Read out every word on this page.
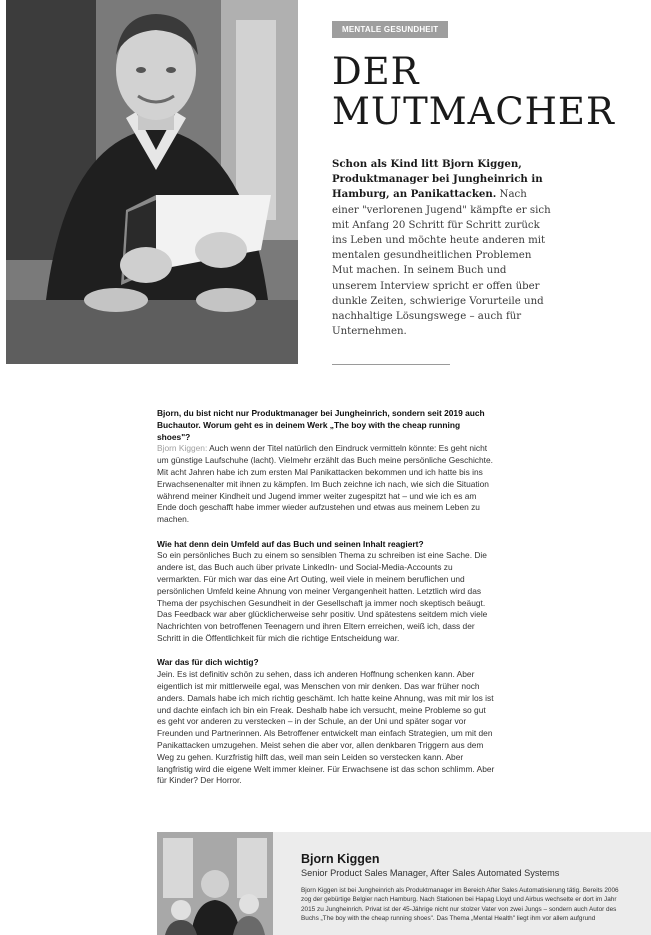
MENTALE GESUNDHEIT
DER
MUTMACHER

Schon als Kind litt Bjorn Kiggen, Produktmanager bei Jungheinrich in Hamburg, an Panikattacken. Nach einer "verlorenen Jugend" kämpfte er sich mit Anfang 20 Schritt für Schritt zurück ins Leben und möchte heute anderen mit mentalen gesundheitlichen Problemen Mut machen. In seinem Buch und unserem Interview spricht er offen über dunkle Zeiten, schwierige Vorurteile und nachhaltige Lösungswege – auch für Unternehmen.

Bjorn, du bist nicht nur Produktmanager bei Jungheinrich, sondern seit 2019 auch Buchautor. Worum geht es in deinem Werk „The boy with the cheap running shoes"?

Bjorn Kiggen: Auch wenn der Titel natürlich den Eindruck vermitteln könnte: Es geht nicht um günstige Laufschuhe (lacht). Vielmehr erzählt das Buch meine persönliche Geschichte. Mit acht Jahren habe ich zum ersten Mal Panikattacken bekommen und ich hatte bis ins Erwachsenenalter mit ihnen zu kämpfen. Im Buch zeichne ich nach, wie sich die Situation während meiner Kindheit und Jugend immer weiter zugespitzt hat – und wie ich es am Ende doch geschafft habe immer wieder aufzustehen und etwas aus meinem Leben zu machen.

Wie hat denn dein Umfeld auf das Buch und seinen Inhalt reagiert?

So ein persönliches Buch zu einem so sensiblen Thema zu schreiben ist eine Sache. Die andere ist, das Buch auch über private LinkedIn- und Social-Media-Accounts zu vermarkten. Für mich war das eine Art Outing, weil viele in meinem beruflichen und persönlichen Umfeld keine Ahnung von meiner Vergangenheit hatten. Letztlich wird das Thema der psychischen Gesundheit in der Gesellschaft ja immer noch skeptisch beäugt. Das Feedback war aber glücklicherweise sehr positiv. Und spätestens seitdem mich viele Nachrichten von betroffenen Teenagern und ihren Eltern erreichen, weiß ich, dass der Schritt in die Öffentlichkeit für mich die richtige Entscheidung war.

War das für dich wichtig?

Jein. Es ist definitiv schön zu sehen, dass ich anderen Hoffnung schenken kann. Aber eigentlich ist mir mittlerweile egal, was Menschen von mir denken. Das war früher noch anders. Damals habe ich mich richtig geschämt. Ich hatte keine Ahnung, was mit mir los ist und dachte einfach ich bin ein Freak. Deshalb habe ich versucht, meine Probleme so gut es geht vor anderen zu verstecken – in der Schule, an der Uni und später sogar vor Freunden und Partnerinnen. Als Betroffener entwickelt man einfach Strategien, um mit den Panikattacken umzugehen. Meist sehen die aber vor, allen denkbaren Triggern aus dem Weg zu gehen. Kurzfristig hilft das, weil man sein Leiden so verstecken kann. Aber langfristig wird die eigene Welt immer kleiner. Für Erwachsene ist das schon schlimm. Aber für Kinder? Der Horror.

Bjorn Kiggen
Senior Product Sales Manager, After Sales Automated Systems

Bjorn Kiggen ist bei Jungheinrich als Produktmanager im Bereich After Sales Automatisierung tätig. Bereits 2006 zog der gebürtige Belgier nach Hamburg. Nach Stationen bei Hapag Lloyd und Airbus wechselte er dort im Jahr 2015 zu Jungheinrich. Privat ist der 45-Jährige nicht nur stolzer Vater von zwei Jungs – sondern auch Autor des Buchs „The boy with the cheap running shoes". Das Thema „Mental Health" liegt ihm vor allem aufgrund
